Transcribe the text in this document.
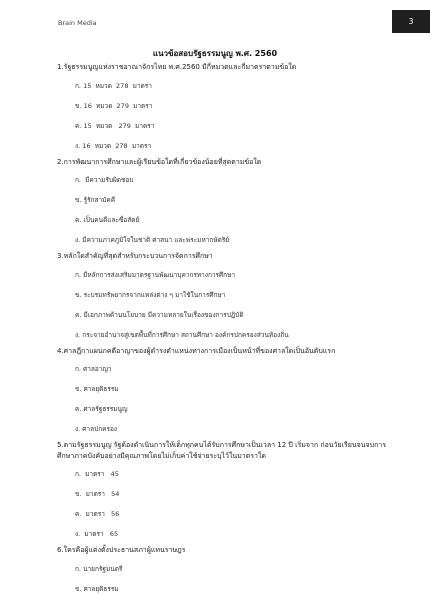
Brain Media	3
แนวข้อสอบรัฐธรรมนูญ พ.ศ. 2560
1.รัฐธรรมนูญแห่งราชอาณาจักรไทย พ.ศ.2560 มีกี่หมวดและกี่มาตราตามข้อใด
ก. 15  หมวด  278  มาตรา
ข. 16  หมวด  279  มาตรา
ค. 15  หมวด   279  มาตรา
ง. 16  หมวด  278  มาตรา
2.การพัฒนาการศึกษาและผู้เรียนข้อใดที่เกี่ยวข้องน้อยที่สุดตามข้อใด
ก.  มีความรับผิดชอบ
ข. รู้รักสามัคคี
ค. เป็นคนดีและซื่อสัตย์
ง. มีความภาคภูมิใจในชาติ ศาสนา และพระมหากษัตริย์
3.หลักใดสำคัญที่สุดสำหรับกระบวนการจัดการศึกษา
ก. มีหลักการส่งเสริมมาตรฐานพัฒนาบุคากรทางการศึกษา
ข. ระบรมทรัพยากรจากแหล่งต่าง ๆ มาใช้ในการศึกษา
ค. มีเอกภาพด้านนโยบาย มีความหลายในเรื่องของการปฏิบัติ
ง. กระจายอำนาจสู่เขตพื้นที่การศึกษา สถานศึกษา องค์กรปกครองส่วนท้องถิ่น
4.ศาลฎีกาแผนกคดีอาญาของผู้ดำรงตำแหน่งทางการเมืองเป็นหน้าที่ของศาลใดเป็นอันดับแรก
ก. ศาลอาญา
ข. ศาลยุติธรรม
ค. ศาลรัฐธรรมนูญ
ง. ศาลปกครอง
5.ตามรัฐธรรมนูญ รัฐต้องดำเนินการให้เด็กทุกคนได้รับการศึกษาเป็นเวลา 12 ปี เริ่มจาก ก่อนวัยเรียนจนจบการศึกษาภาคบังคับอย่างมีคุณภาพโดยไม่เก็บค่าใช้จ่ายระบุไว้ในมาตราใด
ก.  มาตรา   45
ข.  มาตรา   54
ค.  มาตรา   56
ง.  มาตรา   65
6.ใครคือผู้แต่งตั้งประธานสภาผู้แทนราษฎร
ก. นายกรัฐมนตรี
ข. ศาลยุติธรรม
